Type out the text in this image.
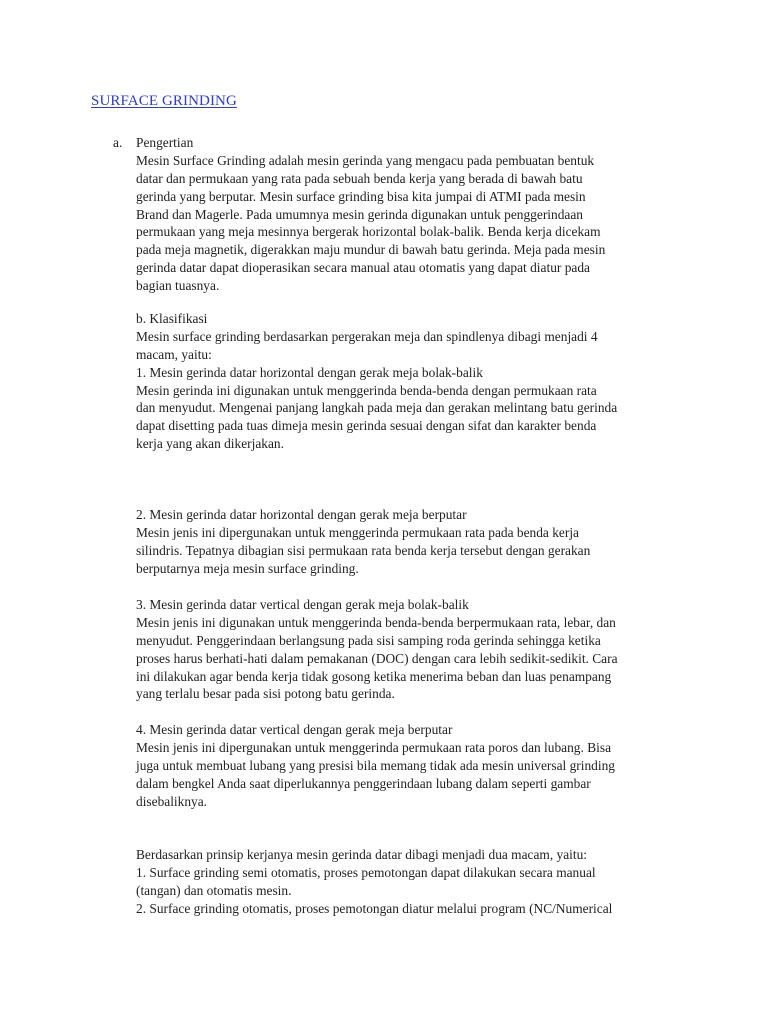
SURFACE GRINDING
a. Pengertian
Mesin Surface Grinding adalah mesin gerinda yang mengacu pada pembuatan bentuk
datar dan permukaan yang rata pada sebuah benda kerja yang berada di bawah batu
gerinda yang berputar. Mesin surface grinding bisa kita jumpai di ATMI pada mesin
Brand dan Magerle. Pada umumnya mesin gerinda digunakan untuk penggerindaan
permukaan yang meja mesinnya bergerak horizontal bolak-balik. Benda kerja dicekam
pada meja magnetik, digerakkan maju mundur di bawah batu gerinda. Meja pada mesin
gerinda datar dapat dioperasikan secara manual atau otomatis yang dapat diatur pada
bagian tuasnya.
b. Klasifikasi
Mesin surface grinding berdasarkan pergerakan meja dan spindlenya dibagi menjadi 4
macam, yaitu:
1. Mesin gerinda datar horizontal dengan gerak meja bolak-balik
Mesin gerinda ini digunakan untuk menggerinda benda-benda dengan permukaan rata
dan menyudut. Mengenai panjang langkah pada meja dan gerakan melintang batu gerinda
dapat disetting pada tuas dimeja mesin gerinda sesuai dengan sifat dan karakter benda
kerja yang akan dikerjakan.
2. Mesin gerinda datar horizontal dengan gerak meja berputar
Mesin jenis ini dipergunakan untuk menggerinda permukaan rata pada benda kerja
silindris. Tepatnya dibagian sisi permukaan rata benda kerja tersebut dengan gerakan
berputarnya meja mesin surface grinding.
3. Mesin gerinda datar vertical dengan gerak meja bolak-balik
Mesin jenis ini digunakan untuk menggerinda benda-benda berpermukaan rata, lebar, dan
menyudut. Penggerindaan berlangsung pada sisi samping roda gerinda sehingga ketika
proses harus berhati-hati dalam pemakanan (DOC) dengan cara lebih sedikit-sedikit. Cara
ini dilakukan agar benda kerja tidak gosong ketika menerima beban dan luas penampang
yang terlalu besar pada sisi potong batu gerinda.
4. Mesin gerinda datar vertical dengan gerak meja berputar
Mesin jenis ini dipergunakan untuk menggerinda permukaan rata poros dan lubang. Bisa
juga untuk membuat lubang yang presisi bila memang tidak ada mesin universal grinding
dalam bengkel Anda saat diperlukannya penggerindaan lubang dalam seperti gambar
disebaliknya.
Berdasarkan prinsip kerjanya mesin gerinda datar dibagi menjadi dua macam, yaitu:
1. Surface grinding semi otomatis, proses pemotongan dapat dilakukan secara manual
(tangan) dan otomatis mesin.
2. Surface grinding otomatis, proses pemotongan diatur melalui program (NC/Numerical
